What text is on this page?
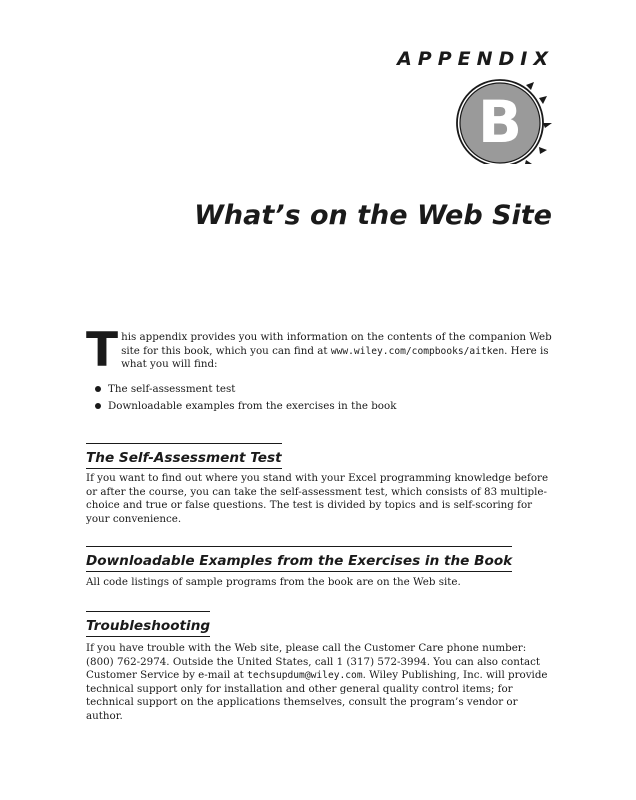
APPENDIX
B
What’s on the Web Site
T his appendix provides you with information on the contents of the companion Web site for this book, which you can find at www.wiley.com/compbooks/aitken. Here is what you will find:

The self-assessment test
Downloadable examples from the exercises in the book
The Self-Assessment Test

If you want to find out where you stand with your Excel programming knowledge before or after the course, you can take the self-assessment test, which consists of 83 multiple-choice and true or false questions. The test is divided by topics and is self-scoring for your convenience.

Downloadable Examples from the Exercises in the Book

All code listings of sample programs from the book are on the Web site.

Troubleshooting

If you have trouble with the Web site, please call the Customer Care phone number: (800) 762-2974. Outside the United States, call 1 (317) 572-3994. You can also contact Customer Service by e-mail at techsupdum@wiley.com. Wiley Publishing, Inc. will provide technical support only for installation and other general quality control items; for technical support on the applications themselves, consult the program’s vendor or author.
